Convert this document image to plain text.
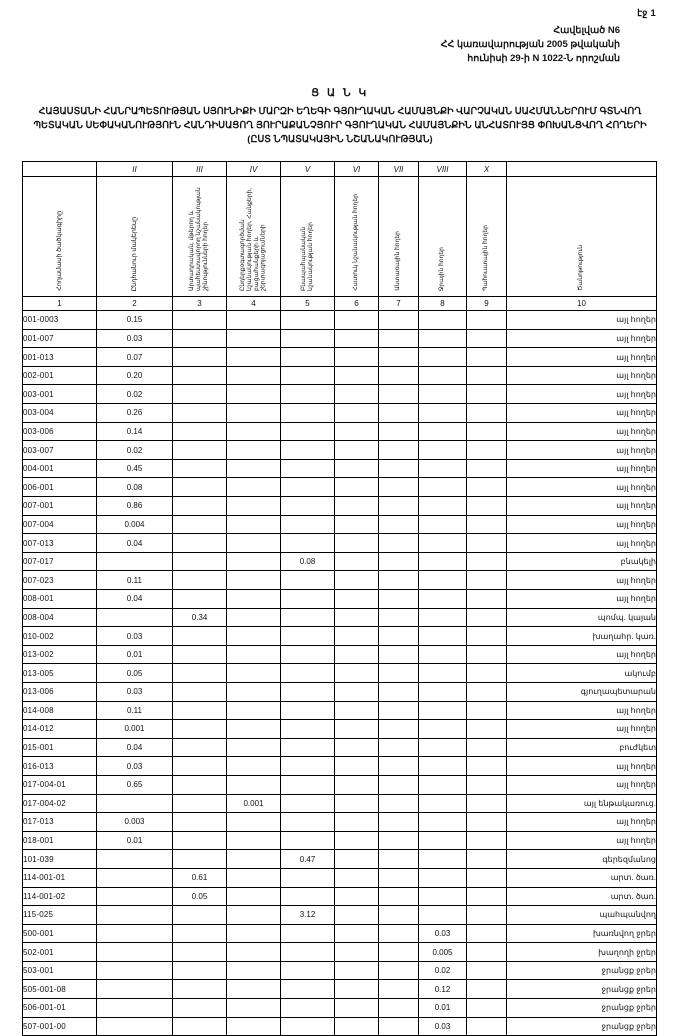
էջ 1
Հավելված N6
ՀՀ կառավարության 2005 թվականի
հունիսի 29-ի N 1022-Ն որոշման
Ց Ա Ն Կ
ՀԱՅԱՍՏԱՆԻ ՀԱՆՐԱՊԵՏՈՒԹՅԱՆ ՍՅՈՒՆԻՔԻ ՄԱՐԶԻ ԵՂԵԳԻ ԳՅՈՒՂԱԿԱՆ ՀԱՄԱՅՆՔԻ ՎԱՐՉԱԿԱՆ ՍԱՀՄԱՆՆԵՐՈՒՄ ԳՏՆՎՈՂ ՊԵՏԱԿԱՆ ՍԵՓԱԿԱՆՈՒԹՅՈՒՆ ՀԱՆԴԻՍԱՑՈՂ ՅՈՒՐԱՔԱՆՉՅՈՒՐ ԳՅՈՒՂԱԿԱՆ ՀԱՄԱՅՆՔԻՆ ԱՆՀԱՏՈՒՅՑ ՓՈԽԱՆՑՎՈՂ ՀՈՂԵՐԻ (ԸՍՏ ՆՊԱՏԱԿԱՅԻՆ ՆՇԱՆԱԿՈՒԹՅԱՆ)
	II	III	IV	V	VI	VII	VIII	X	
Հողամասի ծածկագիրը	Ընդհանուր մակերեսը	Արտադրական, մթերող և պահեստավորող նշանակության շինությունների հողեր	Ընդերքօգտագործման նշանակության հողեր, Հանքերի, բացահանքերի և շերտագոյացումների	Բնապահպանական նշանակության հողեր	Հատուկ նշանակության հողեր	Անտառային հողեր	Ջրային հողեր	Պահուստային հողեր	Ծանոթություն
1	2	3	4	5	6	7	8	9	10
001-0003	0.15								այլ հողեր
001-007	0.03								այլ հողեր
001-013	0.07								այլ հողեր
002-001	0.20								այլ հողեր
003-001	0.02								այլ հողեր
003-004	0.26								այլ հողեր
003-006	0.14								այլ հողեր
003-007	0.02								այլ հողեր
004-001	0.45								այլ հողեր
006-001	0.08								այլ հողեր
007-001	0.86								այլ հողեր
007-004	0.004								այլ հողեր
007-013	0.04								այլ հողեր
007-017				0.08					բնակելի
007-023	0.11								այլ հողեր
008-001	0.04								այլ հողեր
008-004		0.34							պոմպ. կայան
010-002	0.03								խաղահր. կառ.
013-002	0.01								այլ հողեր
013-005	0.05								ակումբ
013-006	0.03								գյուղապետարան
014-008	0.11								այլ հողեր
014-012	0.001								այլ հողեր
015-001	0.04								բուժկետ
016-013	0.03								այլ հողեր
017-004-01	0.65								այլ հողեր
017-004-02			0.001						այլ ենթակառուց.
017-013	0.003								այլ հողեր
018-001	0.01								այլ հողեր
101-039				0.47					գերեզմանոց
114-001-01		0.61							արտ. ծառ.
114-001-02		0.05							արտ. ծառ.
115-025				3.12					պահպանվող
500-001							0.03		խառնվող ջրեր
502-001							0.005		խաղողի ջրեր
503-001							0.02		ջրանցք ջրեր
505-001-08							0.12		ջրանցք ջրեր
506-001-01							0.01		ջրանցք ջրեր
507-001-00							0.03		ջրանցք ջրեր
